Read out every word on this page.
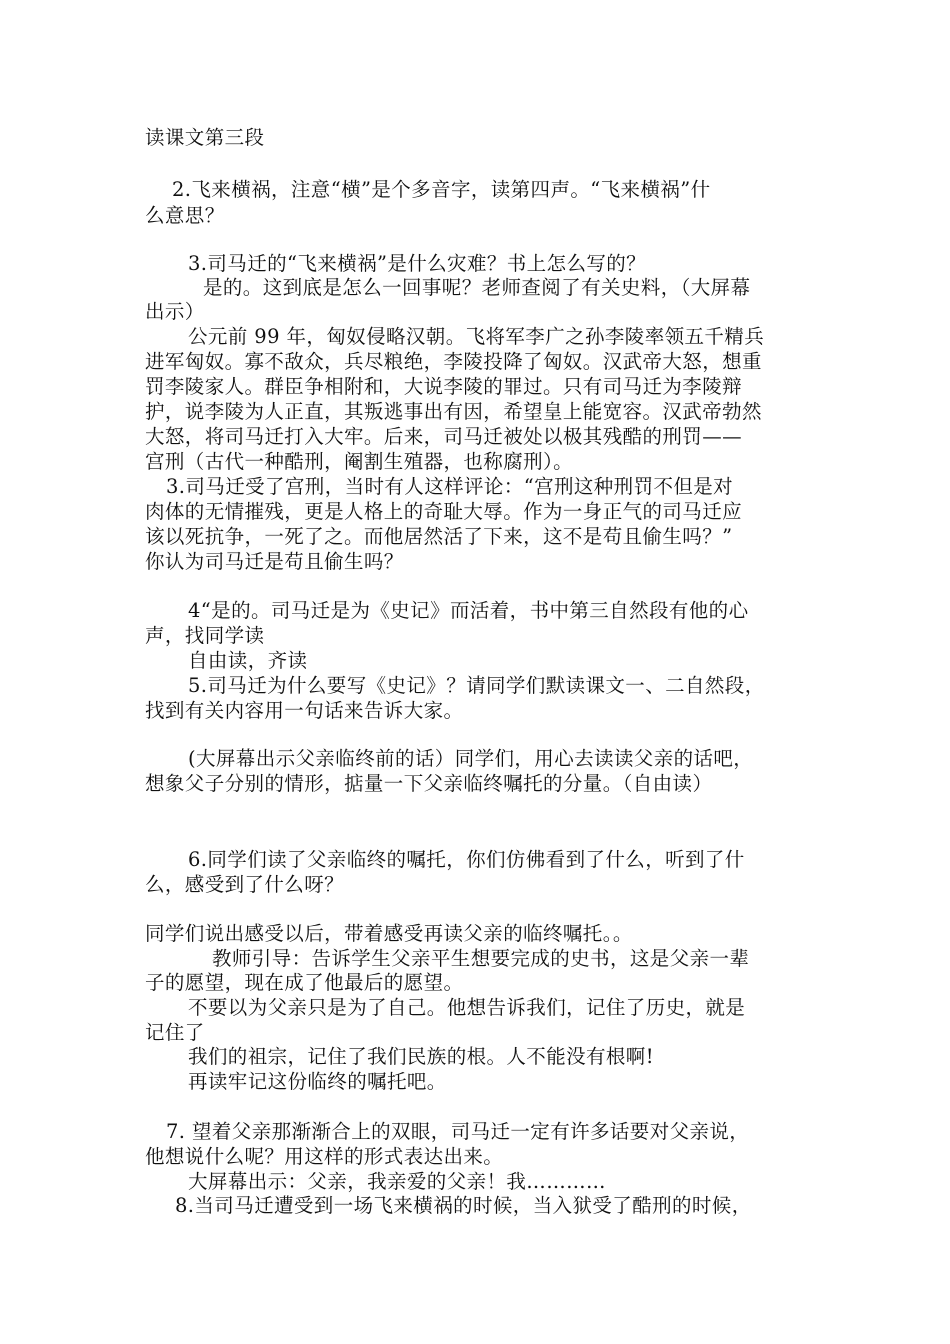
读课文第三段
2.飞来横祸，注意“横”是个多音字，读第四声。“飞来横祸”什
么意思？
3.司马迁的“飞来横祸”是什么灾难？书上怎么写的？
是的。这到底是怎么一回事呢？老师查阅了有关史料，（大屏幕
出示）
公元前 99 年，匈奴侵略汉朝。飞将军李广之孙李陵率领五千精兵
进军匈奴。寡不敌众，兵尽粮绝，李陵投降了匈奴。汉武帝大怒，想重
罚李陵家人。群臣争相附和，大说李陵的罪过。只有司马迁为李陵辩
护，说李陵为人正直，其叛逃事出有因，希望皇上能宽容。汉武帝勃然
大怒，将司马迁打入大牢。后来，司马迁被处以极其残酷的刑罚——
宫刑（古代一种酷刑，阉割生殖器，也称腐刑）。
3.司马迁受了宫刑，当时有人这样评论：“宫刑这种刑罚不但是对
肉体的无情摧残，更是人格上的奇耻大辱。作为一身正气的司马迁应
该以死抗争，一死了之。而他居然活了下来，这不是苟且偷生吗？”
你认为司马迁是苟且偷生吗？
4“是的。司马迁是为《史记》而活着，书中第三自然段有他的心
声，找同学读
自由读，齐读
5.司马迁为什么要写《史记》？请同学们默读课文一、二自然段，
找到有关内容用一句话来告诉大家。
(大屏幕出示父亲临终前的话）同学们，用心去读读父亲的话吧，
想象父子分别的情形，掂量一下父亲临终嘱托的分量。（自由读）
6.同学们读了父亲临终的嘱托，你们仿佛看到了什么，听到了什
么，感受到了什么呀？
同学们说出感受以后，带着感受再读父亲的临终嘱托。。
教师引导：告诉学生父亲平生想要完成的史书，这是父亲一辈
子的愿望，现在成了他最后的愿望。
不要以为父亲只是为了自己。他想告诉我们，记住了历史，就是
记住了
我们的祖宗，记住了我们民族的根。人不能没有根啊!
再读牢记这份临终的嘱托吧。
7. 望着父亲那渐渐合上的双眼，司马迁一定有许多话要对父亲说，
他想说什么呢？用这样的形式表达出来。
大屏幕出示：父亲，我亲爱的父亲！我…………
8.当司马迁遭受到一场飞来横祸的时候，当入狱受了酷刑的时候，
